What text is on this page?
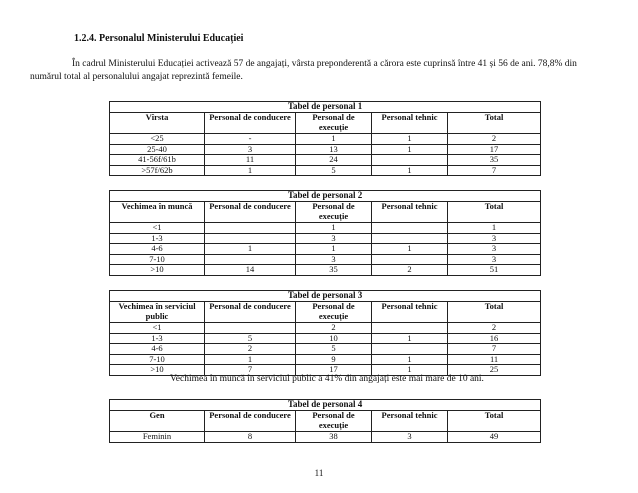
1.2.4. Personalul Ministerului Educației
În cadrul Ministerului Educației activează 57 de angajați, vârsta preponderentă a cărora este cuprinsă între 41 și 56 de ani. 78,8% din numărul total al personalului angajat reprezintă femeile.
Tabel de personal 1				
Vîrsta	Personal de conducere	Personal de execuție	Personal tehnic	Total
<25	-	1	1	2
25-40	3	13	1	17
41-56f/61b	11	24		35
>57f/62b	1	5	1	7
Tabel de personal 2				
Vechimea în muncă	Personal de conducere	Personal de execuție	Personal tehnic	Total
<1		1		1
1-3		3		3
4-6	1	1	1	3
7-10		3		3
>10	14	35	2	51
Tabel de personal 3				
Vechimea în serviciul public	Personal de conducere	Personal de execuție	Personal tehnic	Total
<1		2		2
1-3	5	10	1	16
4-6	2	5		7
7-10	1	9	1	11
>10	7	17	1	25
Vechimea în muncă în serviciul public a 41% din angajați este mai mare de 10 ani.
Tabel de personal 4				
Gen	Personal de conducere	Personal de execuție	Personal tehnic	Total
Feminin	8	38	3	49
11
